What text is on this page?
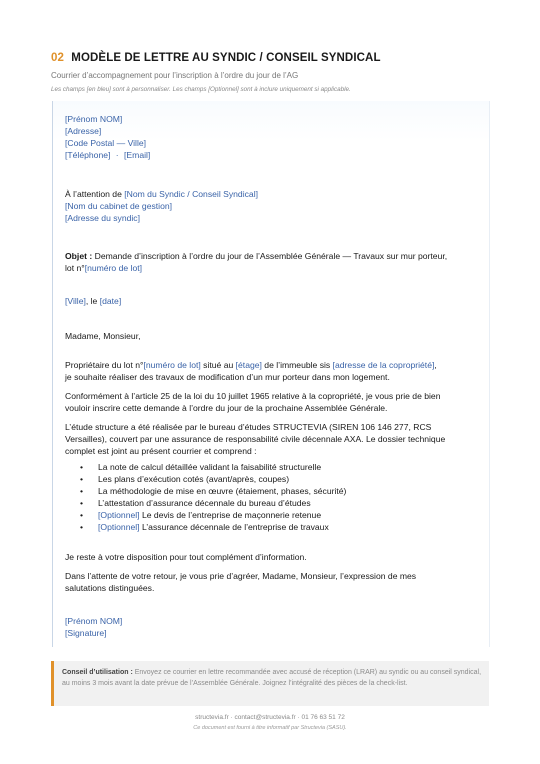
02 MODÈLE DE LETTRE AU SYNDIC / CONSEIL SYNDICAL
Courrier d’accompagnement pour l’inscription à l’ordre du jour de l’AG
Les champs [en bleu] sont à personnaliser. Les champs [Optionnel] sont à inclure uniquement si applicable.
[Prénom NOM]
[Adresse]
[Code Postal — Ville]
[Téléphone] · [Email]
À l’attention de [Nom du Syndic / Conseil Syndical]
[Nom du cabinet de gestion]
[Adresse du syndic]
Objet : Demande d’inscription à l’ordre du jour de l’Assemblée Générale — Travaux sur mur porteur,
lot n°[numéro de lot]
[Ville], le [date]
Madame, Monsieur,
Propriétaire du lot n°[numéro de lot] situé au [étage] de l’immeuble sis [adresse de la copropriété],
je souhaite réaliser des travaux de modification d’un mur porteur dans mon logement.
Conformément à l’article 25 de la loi du 10 juillet 1965 relative à la copropriété, je vous prie de bien
vouloir inscrire cette demande à l’ordre du jour de la prochaine Assemblée Générale.
L’étude structure a été réalisée par le bureau d’études STRUCTEVIA (SIREN 106 146 277, RCS
Versailles), couvert par une assurance de responsabilité civile décennale AXA. Le dossier technique
complet est joint au présent courrier et comprend :
• La note de calcul détaillée validant la faisabilité structurelle
• Les plans d’exécution cotés (avant/après, coupes)
• La méthodologie de mise en œuvre (étaiement, phases, sécurité)
• L’attestation d’assurance décennale du bureau d’études
• [Optionnel] Le devis de l’entreprise de maçonnerie retenue
• [Optionnel] L’assurance décennale de l’entreprise de travaux
Je reste à votre disposition pour tout complément d’information.
Dans l’attente de votre retour, je vous prie d’agréer, Madame, Monsieur, l’expression de mes
salutations distinguées.
[Prénom NOM]
[Signature]
Conseil d’utilisation : Envoyez ce courrier en lettre recommandée avec accusé de réception (LRAR) au syndic ou au conseil syndical, au moins 3 mois avant la date prévue de l’Assemblée Générale. Joignez l’intégralité des pièces de la check-list.
structevia.fr · contact@structevia.fr · 01 76 63 51 72
Ce document est fourni à titre informatif par Structevia (SASU).
